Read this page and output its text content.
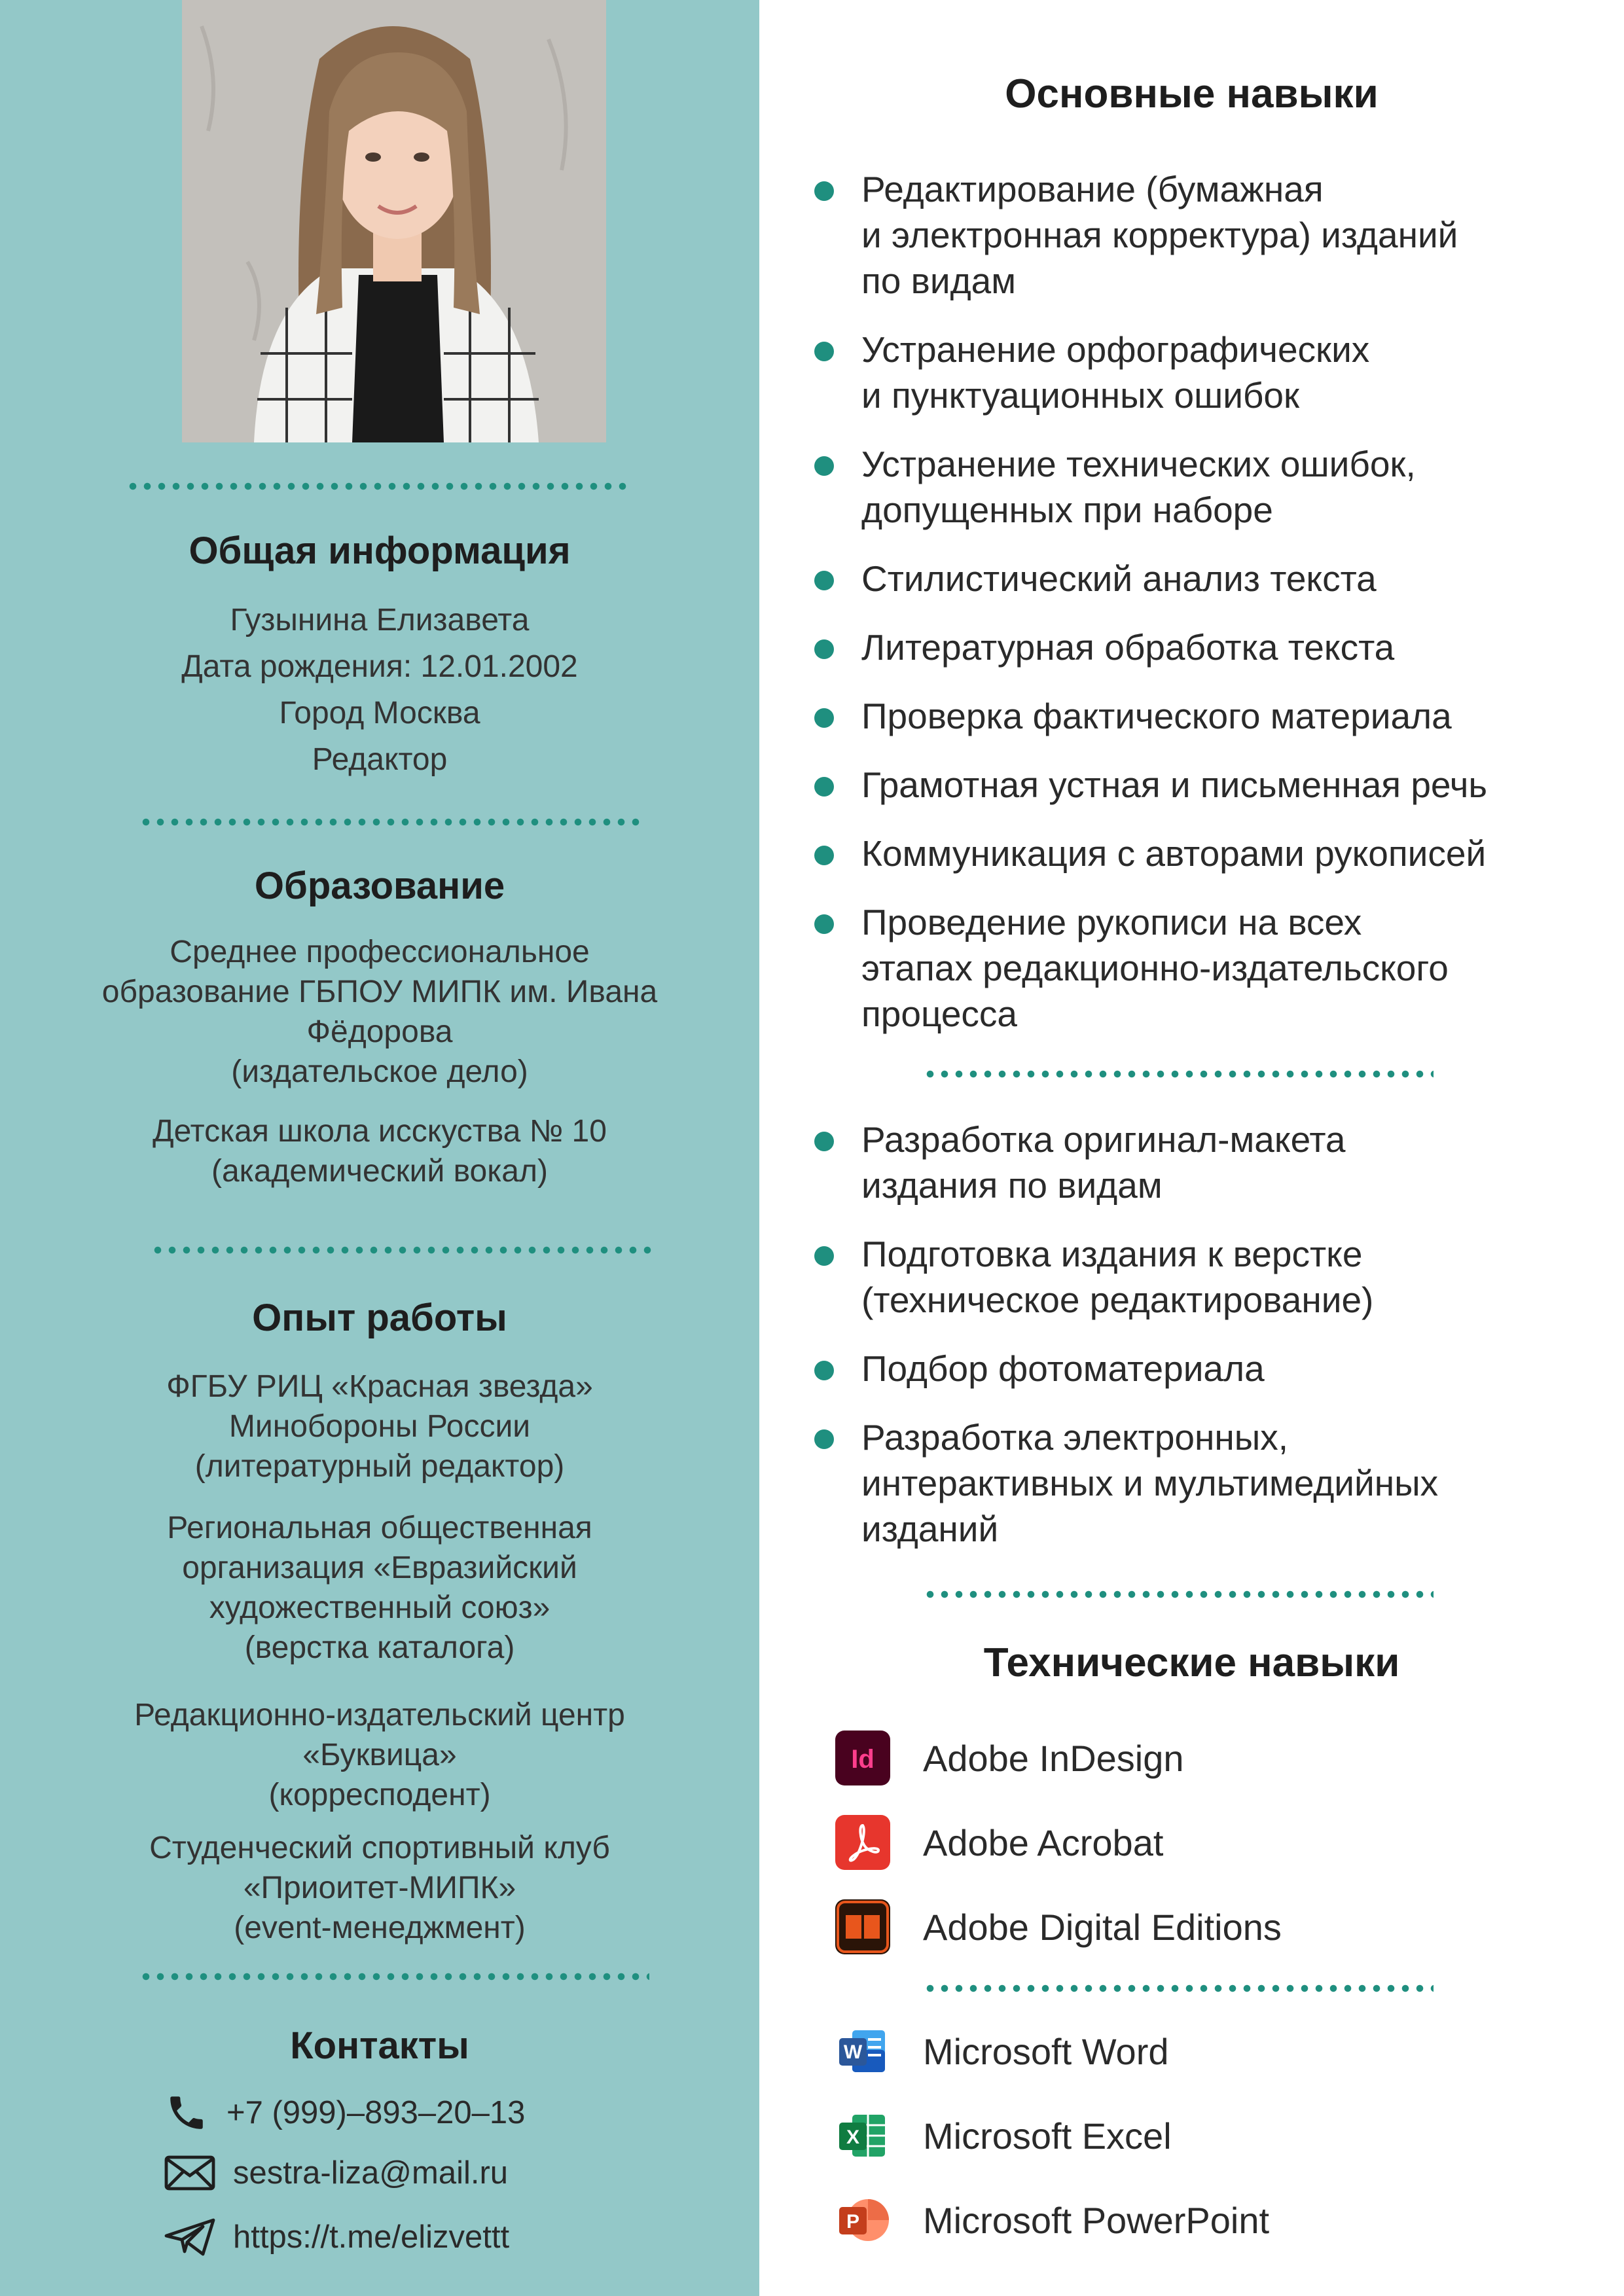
Общая информация
Гузынина Елизавета
Дата рождения: 12.01.2002
Город Москва
Редактор
Образование
Среднее профессиональное
образование ГБПОУ МИПК им. Ивана
Фёдорова
(издательское дело)
Детская школа исскуства № 10
(академический вокал)
Опыт работы
ФГБУ РИЦ «Красная звезда»
Минобороны России
(литературный редактор)
Региональная общественная
организация «Евразийский
художественный союз»
(верстка каталога)
Редакционно-издательский центр
«Буквица»
(корресподент)
Студенческий спортивный клуб
«Приоитет-МИПК»
(event-менеджмент)
Контакты
+7 (999)–893–20–13
sestra-liza@mail.ru
https://t.me/elizvettt
Основные навыки
Редактирование (бумажная
и электронная корректура) изданий
по видам
Устранение орфографических
и пунктуационных ошибок
Устранение технических ошибок,
допущенных при наборе
Стилистический анализ текста
Литературная обработка текста
Проверка фактического материала
Грамотная устная и письменная речь
Коммуникация с авторами рукописей
Проведение рукописи на всех
этапах редакционно-издательского
процесса
Разработка оригинал-макета
издания по видам
Подготовка издания к верстке
(техническое редактирование)
Подбор фотоматериала
Разработка электронных,
интерактивных и мультимедийных
изданий
Технические навыки
Id Adobe InDesign
Adobe Acrobat
Adobe Digital Editions
W Microsoft Word
X Microsoft Excel
P Microsoft PowerPoint
